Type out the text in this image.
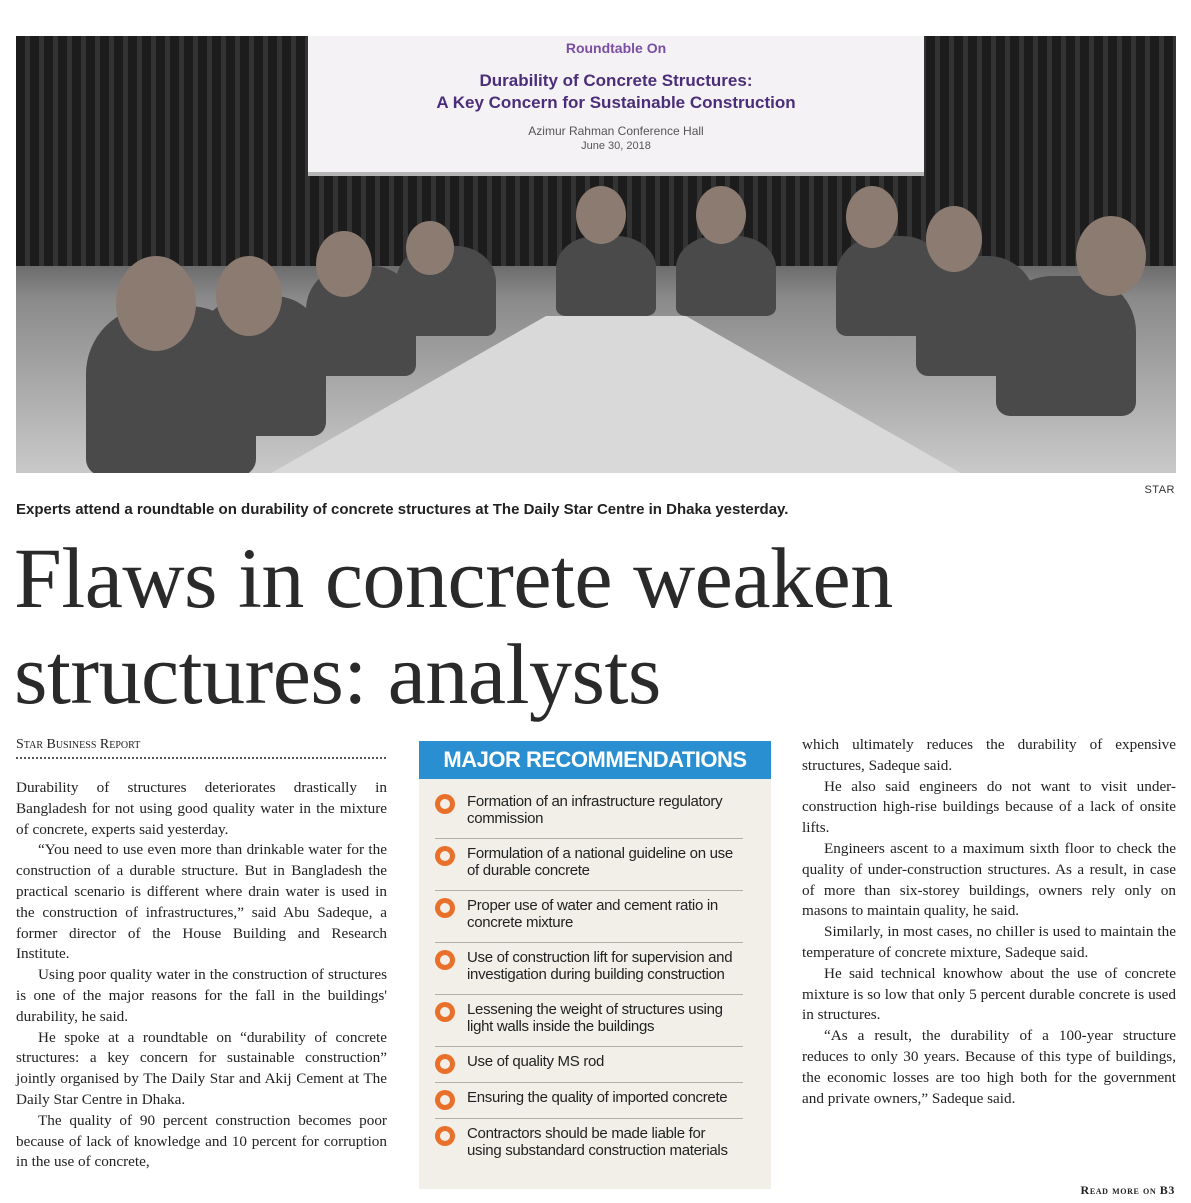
Roundtable On
Durability of Concrete Structures:
A Key Concern for Sustainable Construction
Azimur Rahman Conference Hall
June 30, 2018
STAR
Experts attend a roundtable on durability of concrete structures at The Daily Star Centre in Dhaka yesterday.
Flaws in concrete weaken
structures: analysts
Star Business Report

Durability of structures deteriorates drastically in Bangladesh for not using good quality water in the mixture of concrete, experts said yesterday.

“You need to use even more than drinkable water for the construction of a durable structure. But in Bangladesh the practical scenario is different where drain water is used in the construction of infrastructures,” said Abu Sadeque, a former director of the House Building and Research Institute.

Using poor quality water in the construction of structures is one of the major reasons for the fall in the buildings' durability, he said.

He spoke at a roundtable on “durability of concrete structures: a key concern for sustainable construction” jointly organised by The Daily Star and Akij Cement at The Daily Star Centre in Dhaka.

The quality of 90 percent construction becomes poor because of lack of knowledge and 10 percent for corruption in the use of concrete,

MAJOR RECOMMENDATIONS
Formation of an infrastructure regulatory commission
Formulation of a national guideline on use of durable concrete
Proper use of water and cement ratio in concrete mixture
Use of construction lift for supervision and investigation during building construction
Lessening the weight of structures using light walls inside the buildings
Use of quality MS rod
Ensuring the quality of imported concrete
Contractors should be made liable for using substandard construction materials

which ultimately reduces the durability of expensive structures, Sadeque said.

He also said engineers do not want to visit under-construction high-rise buildings because of a lack of onsite lifts.

Engineers ascent to a maximum sixth floor to check the quality of under-construction structures. As a result, in case of more than six-storey buildings, owners rely only on masons to maintain quality, he said.

Similarly, in most cases, no chiller is used to maintain the temperature of concrete mixture, Sadeque said.

He said technical knowhow about the use of concrete mixture is so low that only 5 percent durable concrete is used in structures.

“As a result, the durability of a 100-year structure reduces to only 30 years. Because of this type of buildings, the economic losses are too high both for the government and private owners,” Sadeque said.

Read more on B3
